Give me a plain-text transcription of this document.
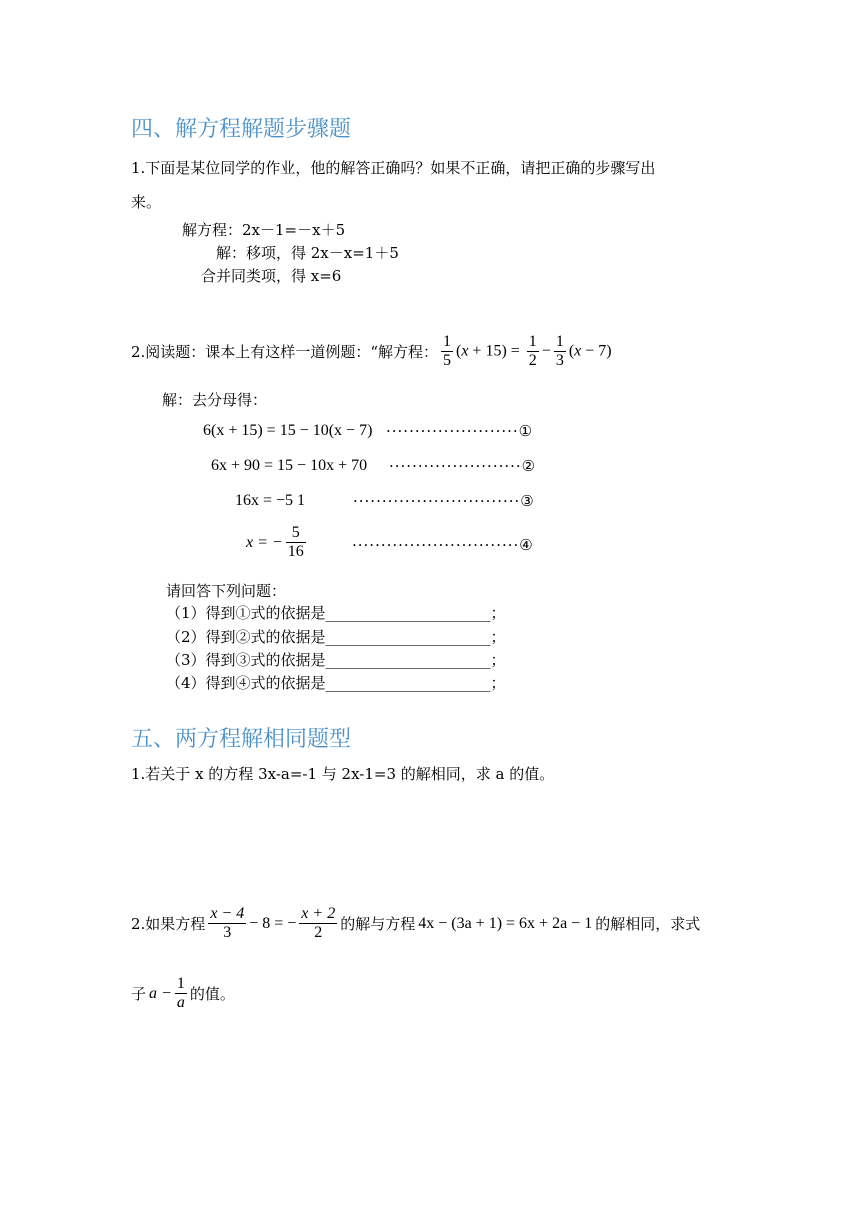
四、解方程解题步骤题
1.下面是某位同学的作业，他的解答正确吗？如果不正确，请把正确的步骤写出
来。
解方程：2x－1=－x＋5
解：移项，得 2x－x=1＋5
合并同类项，得 x=6
2.阅读题：课本上有这样一道例题：“解方程： $\frac{1}{5} (x + 15) = \frac{1}{2} - \frac{1}{3} (x - 7)$
解：去分母得：
6(x + 15) = 15 − 10(x − 7) ·······················①
6x + 90 = 15 − 10x + 70 ·······················②
16x = −5 1	·····························③
x = − $\frac{5}{16}$	·····························④
请回答下列问题：
（1）得到①式的依据是______________________；
（2）得到②式的依据是______________________；
（3）得到③式的依据是______________________；
（4）得到④式的依据是______________________；
五、两方程解相同题型
1.若关于 x 的方程 3x-a=-1 与 2x-1=3 的解相同，求 a 的值。
2.如果方程 $\frac{x - 4}{3} - 8$ = − $\frac{x + 2}{2}$ 的解与方程 4x − (3a + 1) = 6x + 2a − 1 的解相同，求式
子 $a - \frac{1}{a}$ 的值。
